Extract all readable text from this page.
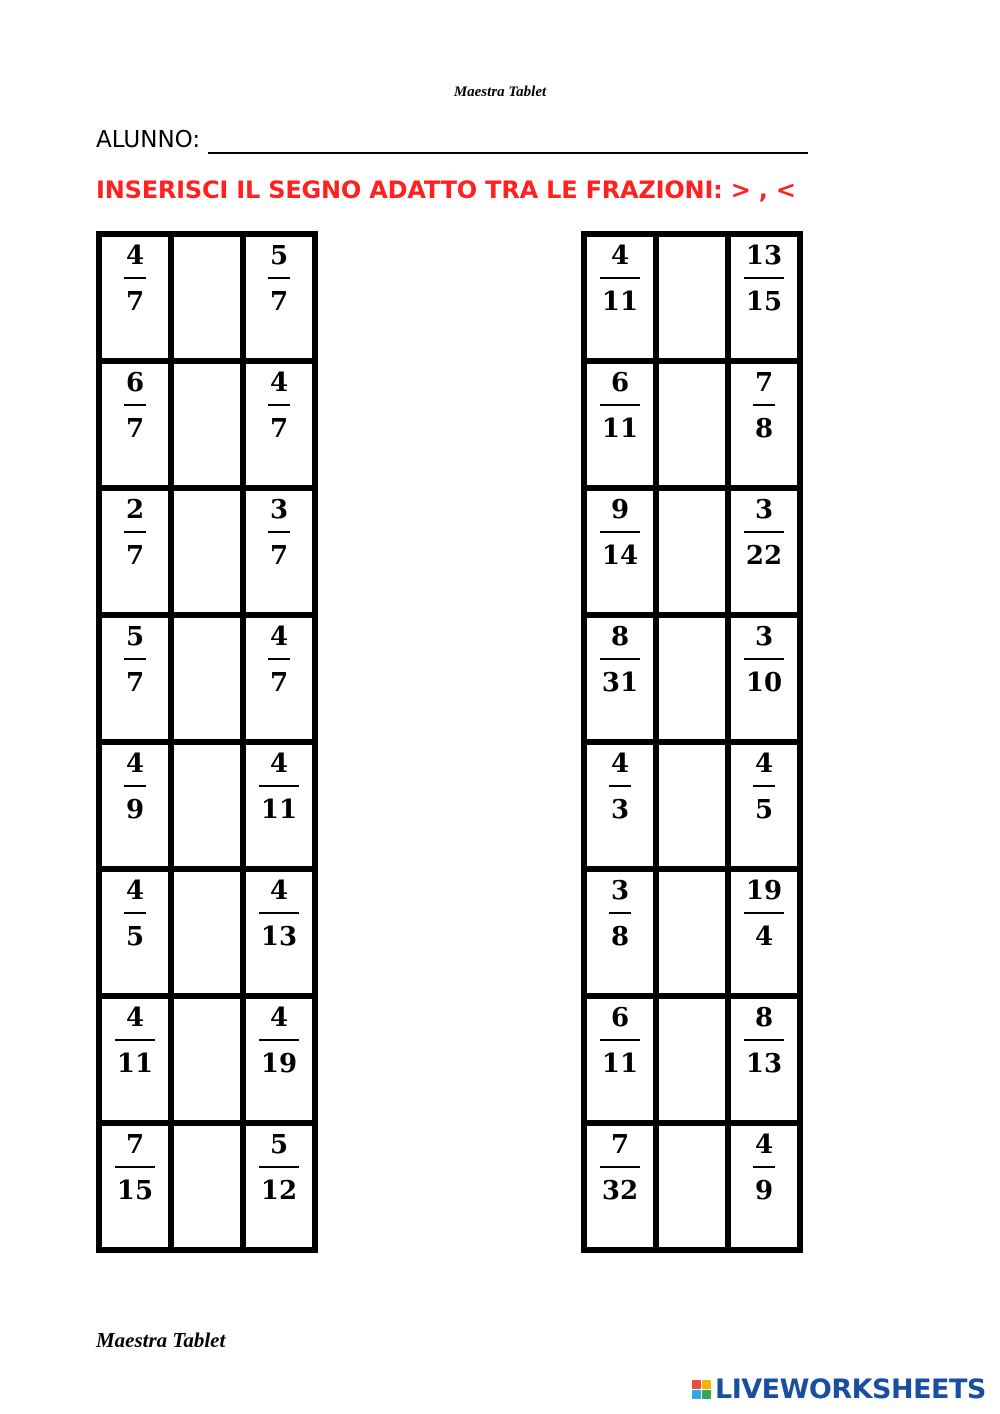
Maestra Tablet
ALUNNO:
INSERISCI IL SEGNO ADATTO TRA LE FRAZIONI: > , <
$\frac{4}{7}$		$\frac{5}{7}$

$\frac{6}{7}$		$\frac{4}{7}$

$\frac{2}{7}$		$\frac{3}{7}$

$\frac{5}{7}$		$\frac{4}{7}$

$\frac{4}{9}$		$\frac{4}{11}$

$\frac{4}{5}$		$\frac{4}{13}$

$\frac{4}{11}$		$\frac{4}{19}$

$\frac{7}{15}$		$\frac{5}{12}$
$\frac{4}{11}$		$\frac{13}{15}$

$\frac{6}{11}$		$\frac{7}{8}$

$\frac{9}{14}$		$\frac{3}{22}$

$\frac{8}{31}$		$\frac{3}{10}$

$\frac{4}{3}$		$\frac{4}{5}$

$\frac{3}{8}$		$\frac{19}{4}$

$\frac{6}{11}$		$\frac{8}{13}$

$\frac{7}{32}$		$\frac{4}{9}$
Maestra Tablet
LIVEWORKSHEETS
